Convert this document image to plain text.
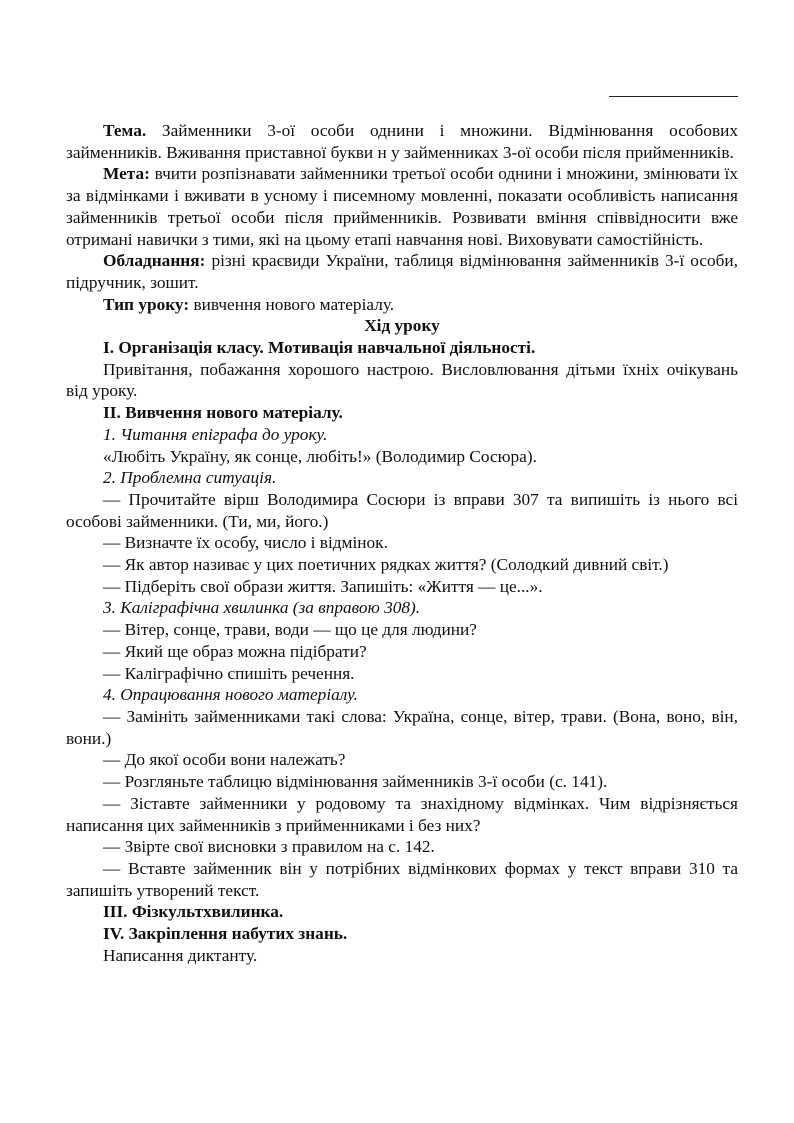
Тема. Займенники 3-ої особи однини і множини. Відмінювання особових займенників. Вживання приставної букви н у займенниках 3-ої особи після прийменників.

Мета: вчити розпізнавати займенники третьої особи однини і множини, змінювати їх за відмінками і вживати в усному і писемному мовленні, показати особливість написання займенників третьої особи після прийменників. Розвивати вміння співвідносити вже отримані навички з тими, які на цьому етапі навчання нові. Виховувати самостійність.

Обладнання: різні краєвиди України, таблиця відмінювання займенників 3-ї особи, підручник, зошит.

Тип уроку: вивчення нового матеріалу.

Хід уроку

І. Організація класу. Мотивація навчальної діяльності.

Привітання, побажання хорошого настрою. Висловлювання дітьми їхніх очікувань від уроку.

ІІ. Вивчення нового матеріалу.

1. Читання епіграфа до уроку.

«Любіть Україну, як сонце, любіть!» (Володимир Сосюра).

2. Проблемна ситуація.

— Прочитайте вірш Володимира Сосюри із вправи 307 та випишіть із нього всі особові займенники. (Ти, ми, його.)

— Визначте їх особу, число і відмінок.

— Як автор називає у цих поетичних рядках життя? (Солодкий дивний світ.)

— Підберіть свої образи життя. Запишіть: «Життя — це...».

3. Каліграфічна хвилинка (за вправою 308).

— Вітер, сонце, трави, води — що це для людини?

— Який ще образ можна підібрати?

— Каліграфічно спишіть речення.

4. Опрацювання нового матеріалу.

— Замініть займенниками такі слова: Україна, сонце, вітер, трави. (Вона, воно, він, вони.)

— До якої особи вони належать?

— Розгляньте таблицю відмінювання займенників 3-ї особи (с. 141).

— Зіставте займенники у родовому та знахідному відмінках. Чим відрізняється написання цих займенників з прийменниками і без них?

— Звірте свої висновки з правилом на с. 142.

— Вставте займенник він у потрібних відмінкових формах у текст вправи 310 та запишіть утворений текст.

ІІІ. Фізкультхвилинка.

ІV. Закріплення набутих знань.

Написання диктанту.
